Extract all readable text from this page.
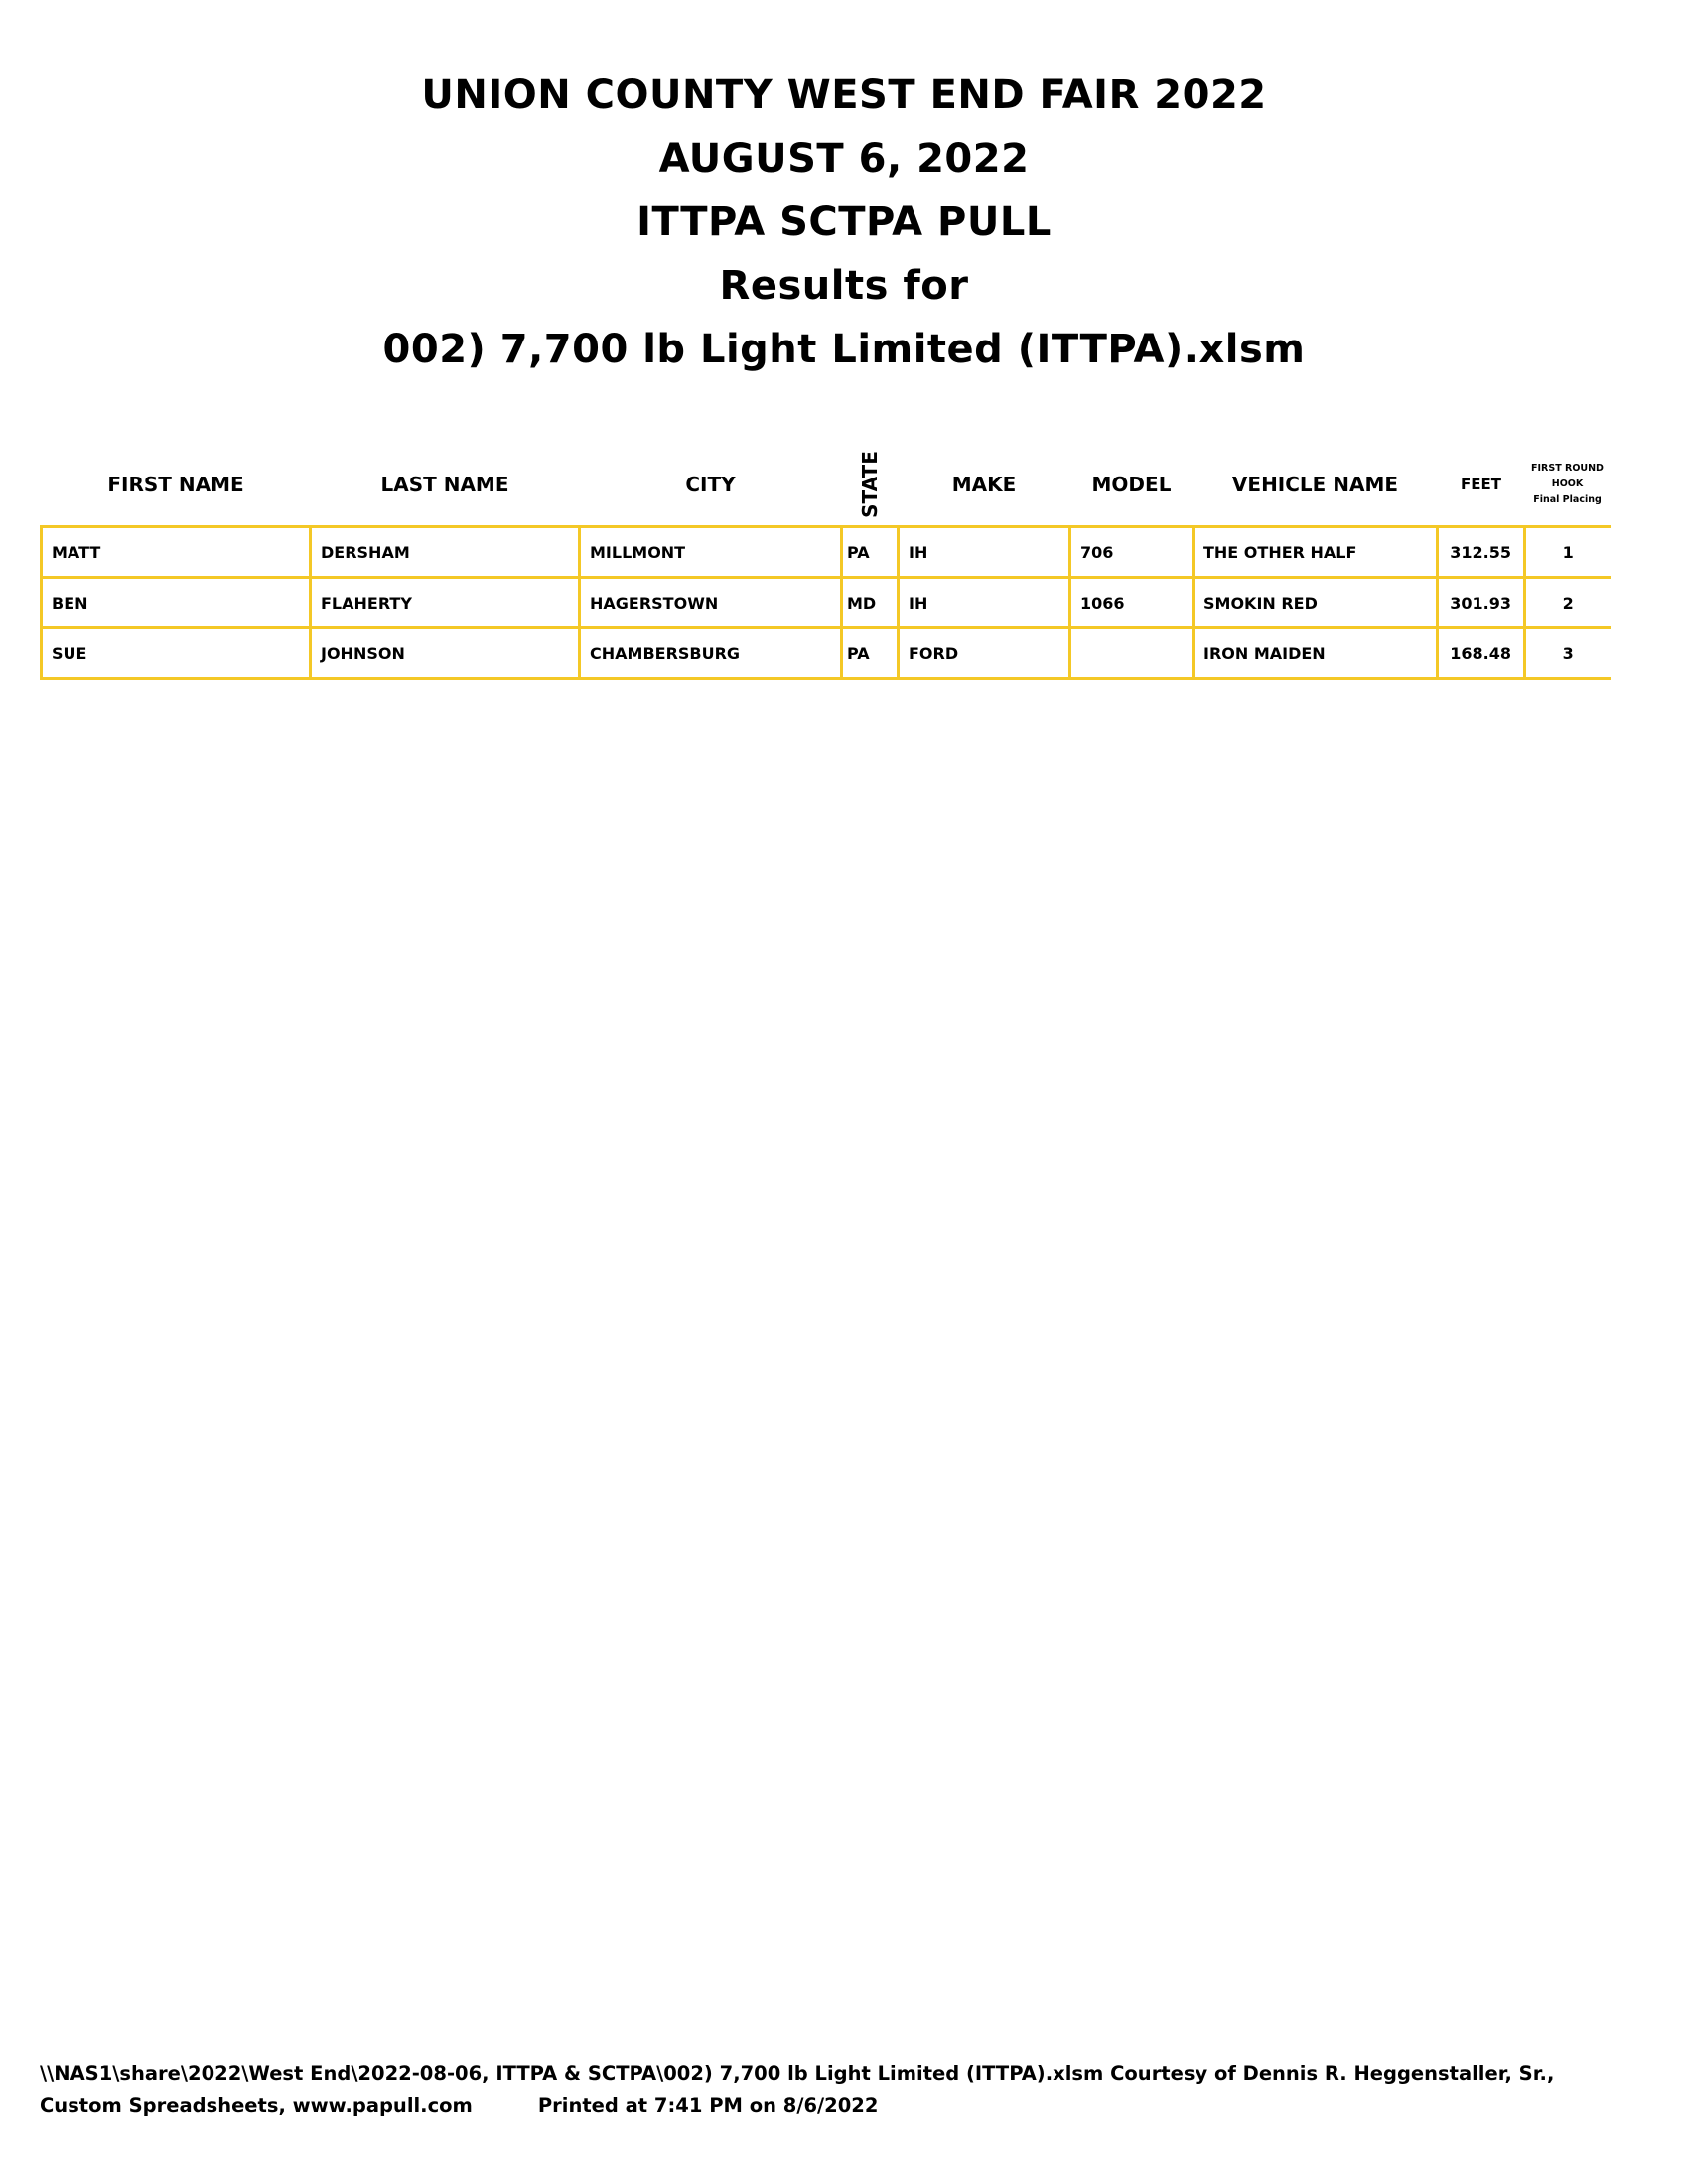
UNION COUNTY WEST END FAIR 2022
AUGUST 6, 2022
ITTPA SCTPA PULL
Results for
002) 7,700 lb Light Limited (ITTPA).xlsm
FIRST NAME	LAST NAME	CITY	STATE	MAKE	MODEL	VEHICLE NAME	FEET	FIRST ROUND
HOOK
Final Placing

MATT	DERSHAM	MILLMONT	PA	IH	706	THE OTHER HALF	312.55	1
BEN	FLAHERTY	HAGERSTOWN	MD	IH	1066	SMOKIN RED	301.93	2
SUE	JOHNSON	CHAMBERSBURG	PA	FORD		IRON MAIDEN	168.48	3
\\NAS1\share\2022\West End\2022-08-06, ITTPA & SCTPA\002) 7,700 lb Light Limited (ITTPA).xlsm Courtesy of Dennis R. Heggenstaller, Sr.,
Custom Spreadsheets, www.papull.com	Printed at 7:41 PM on 8/6/2022
